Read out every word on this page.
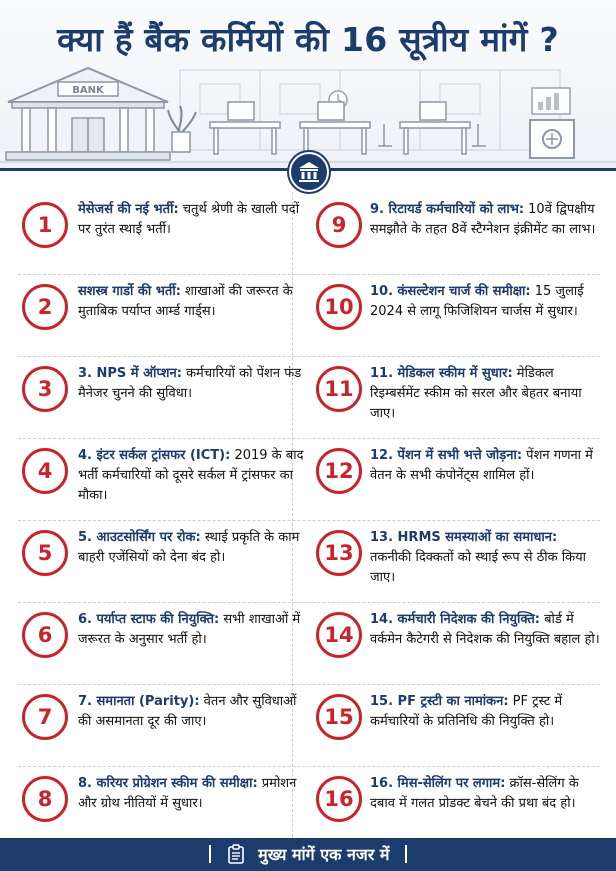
BANK
क्या हैं बैंक कर्मियों की 16 सूत्रीय मांगें ?
1
मेसेजर्स की नई भर्ती: चतुर्थ श्रेणी के खाली पदों पर तुरंत स्थाई भर्ती।	9
9. रिटायर्ड कर्मचारियों को लाभ: 10वें द्विपक्षीय समझौते के तहत 8वें स्टैग्नेशन इंक्रीमेंट का लाभ।
2
सशस्त्र गार्डो की भर्ती: शाखाओं की जरूरत के मुताबिक पर्याप्त आर्म्ड गार्ड्स।	10
10. कंसल्टेशन चार्ज की समीक्षा: 15 जुलाई 2024 से लागू फिजिशियन चार्जस में सुधार।
3
3. NPS में ऑप्शन: कर्मचारियों को पेंशन फंड मैनेजर चुनने की सुविधा।	11
11. मेडिकल स्कीम में सुधार: मेडिकल रिइम्बर्समेंट स्कीम को सरल और बेहतर बनाया जाए।
4
4. इंटर सर्कल ट्रांसफर (ICT): 2019 के बाद भर्ती कर्मचारियों को दूसरे सर्कल में ट्रांसफर का मौका।
12
12. पेंशन में सभी भत्ते जोड़ना: पेंशन गणना में वेतन के सभी कंपोनेंट्स शामिल हों।
5
5. आउटसोर्सिंग पर रोक: स्थाई प्रकृति के काम बाहरी एजेंसियों को देना बंद हो।	13
13. HRMS समस्याओं का समाधान: तकनीकी दिक्कतों को स्थाई रूप से ठीक किया जाए।
6
6. पर्याप्त स्टाफ की नियुक्ति: सभी शाखाओं में जरूरत के अनुसार भर्ती हो।	14
14. कर्मचारी निदेशक की नियुक्ति: बोर्ड में वर्कमेन कैटेगरी से निदेशक की नियुक्ति बहाल हो।
7
7. समानता (Parity): वेतन और सुविधाओं की असमानता दूर की जाए।	15
15. PF ट्रस्टी का नामांकन: PF ट्रस्ट में कर्मचारियों के प्रतिनिधि की नियुक्ति हो।
8
8. करियर प्रोग्रेशन स्कीम की समीक्षा: प्रमोशन और ग्रोथ नीतियों में सुधार।	16
16. मिस-सेलिंग पर लगाम: क्रॉस-सेलिंग के दबाव में गलत प्रोडक्ट बेचने की प्रथा बंद हो।
मुख्य मांगें एक नजर में
